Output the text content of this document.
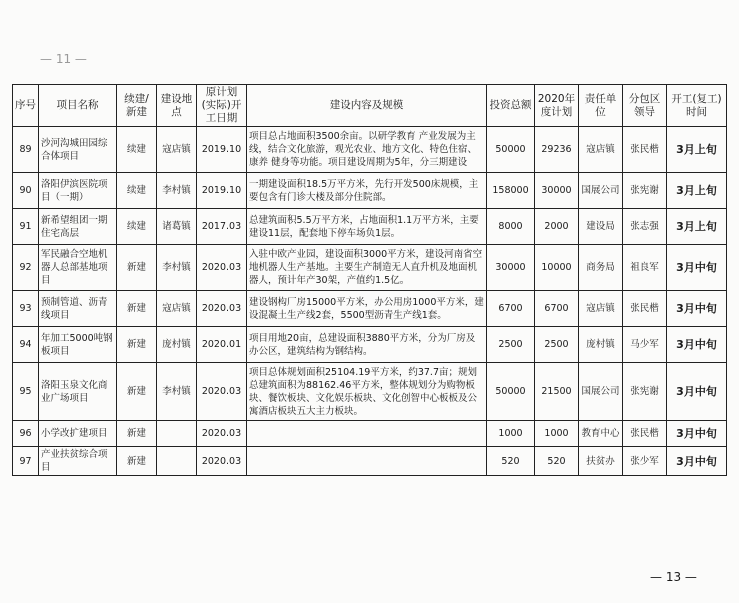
— 11 —
序号	项目名称	续建/新建	建设地点	原计划(实际)开工日期	建设内容及规模	投资总额	2020年度计划	责任单位	分包区领导	开工(复工)时间
89	沙河沟城田园综合体项目	续建	寇店镇	2019.10	项目总占地面积3500余亩。以研学教育 产业发展为主线，结合文化旅游，观光农业、地方文化、特色住宿、康养 健身等功能。项目建设周期为5年，分三期建设	50000	29236	寇店镇	张民楷	3月上旬
90	洛阳伊滨医院项目（一期）	续建	李村镇	2019.10	一期建设面积18.5万平方米，先行开发500床规模，主要包含有门诊大楼及部分住院部。	158000	30000	国展公司	张宪谢	3月上旬
91	新希望组团一期住宅高层	续建	诸葛镇	2017.03	总建筑面积5.5万平方米，占地面积1.1万平方米，主要建设11层，配套地下停车场负1层。	8000	2000	建设局	张志强	3月上旬
92	军民融合空地机器人总部基地项目	新建	李村镇	2020.03	入驻中欧产业园，建设面积3000平方米，建设河南省空地机器人生产基地。主要生产制造无人直升机及地面机器人，预计年产30架，产值约1.5亿。	30000	10000	商务局	祖良军	3月中旬
93	预制管道、沥青线项目	新建	寇店镇	2020.03	建设钢构厂房15000平方米，办公用房1000平方米，建设混凝土生产线2套，5500型沥青生产线1套。	6700	6700	寇店镇	张民楷	3月中旬
94	年加工5000吨钢板项目	新建	庞村镇	2020.01	项目用地20亩，总建设面积3880平方米，分为厂房及办公区，建筑结构为钢结构。	2500	2500	庞村镇	马少军	3月中旬
95	洛阳玉泉文化商业广场项目	新建	李村镇	2020.03	项目总体规划面积25104.19平方米，约37.7亩；规划总建筑面积为88162.46平方米，整体规划分为购物板块、餐饮板块、文化娱乐板块、文化创智中心板板及公寓酒店板块五大主力板块。	50000	21500	国展公司	张宪谢	3月中旬
96	小学改扩建项目	新建		2020.03		1000	1000	教育中心	张民楷	3月中旬
97	产业扶贫综合项目	新建		2020.03		520	520	扶贫办	张少军	3月中旬
— 13 —
